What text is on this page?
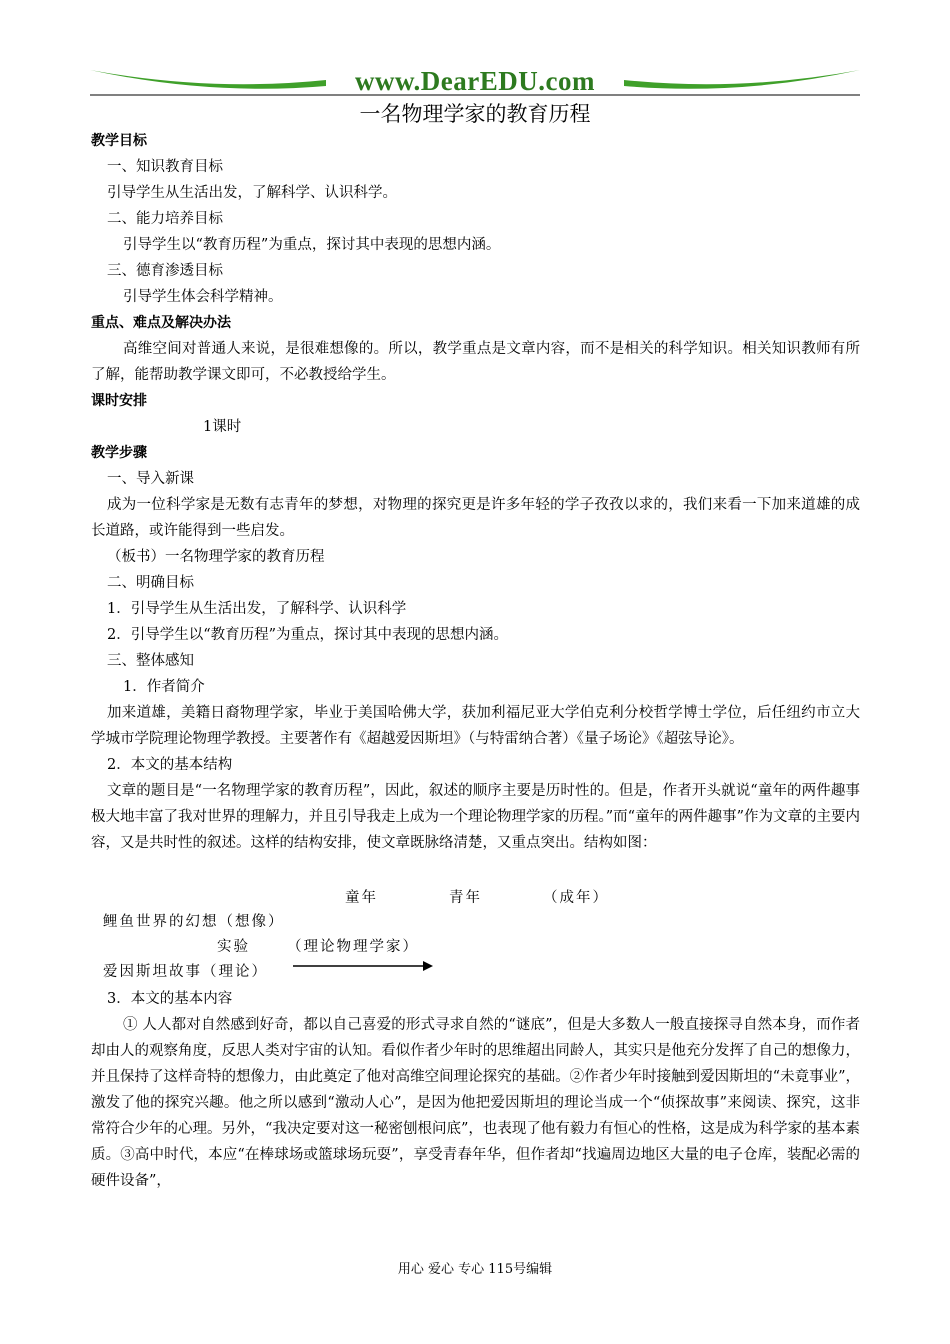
www.DearEDU.com
一名物理学家的教育历程
教学目标
一、知识教育目标
引导学生从生活出发，了解科学、认识科学。
二、能力培养目标
引导学生以“教育历程”为重点，探讨其中表现的思想内涵。
三、德育渗透目标
引导学生体会科学精神。
重点、难点及解决办法
高维空间对普通人来说，是很难想像的。所以，教学重点是文章内容，而不是相关的科学知识。相关知识教师有所了解，能帮助教学课文即可，不必教授给学生。
课时安排
1课时
教学步骤
一、导入新课
成为一位科学家是无数有志青年的梦想，对物理的探究更是许多年轻的学子孜孜以求的，我们来看一下加来道雄的成长道路，或许能得到一些启发。
（板书）一名物理学家的教育历程
二、明确目标
1．引导学生从生活出发，了解科学、认识科学
2．引导学生以“教育历程”为重点，探讨其中表现的思想内涵。
三、整体感知
1．作者简介
加来道雄，美籍日裔物理学家，毕业于美国哈佛大学，获加利福尼亚大学伯克利分校哲学博士学位，后任纽约市立大学城市学院理论物理学教授。主要著作有《超越爱因斯坦》（与特雷纳合著）《量子场论》《超弦导论》。
2．本文的基本结构
文章的题目是“一名物理学家的教育历程”，因此，叙述的顺序主要是历时性的。但是，作者开头就说“童年的两件趣事极大地丰富了我对世界的理解力，并且引导我走上成为一个理论物理学家的历程。”而“童年的两件趣事”作为文章的主要内容，又是共时性的叙述。这样的结构安排，使文章既脉络清楚，又重点突出。结构如图：
童年	青年	（成年）
鲤鱼世界的幻想（想像）
实验	（理论物理学家）
爱因斯坦故事（理论）
3．本文的基本内容
① 人人都对自然感到好奇，都以自己喜爱的形式寻求自然的“谜底”，但是大多数人一般直接探寻自然本身，而作者却由人的观察角度，反思人类对宇宙的认知。看似作者少年时的思维超出同龄人，其实只是他充分发挥了自己的想像力，并且保持了这样奇特的想像力，由此奠定了他对高维空间理论探究的基础。②作者少年时接触到爱因斯坦的“未竟事业”，激发了他的探究兴趣。他之所以感到“激动人心”，是因为他把爱因斯坦的理论当成一个“侦探故事”来阅读、探究，这非常符合少年的心理。另外，“我决定要对这一秘密刨根问底”，也表现了他有毅力有恒心的性格，这是成为科学家的基本素质。③高中时代，本应“在棒球场或篮球场玩耍”，享受青春年华，但作者却“找遍周边地区大量的电子仓库，装配必需的硬件设备”，
用心 爱心 专心 115号编辑
